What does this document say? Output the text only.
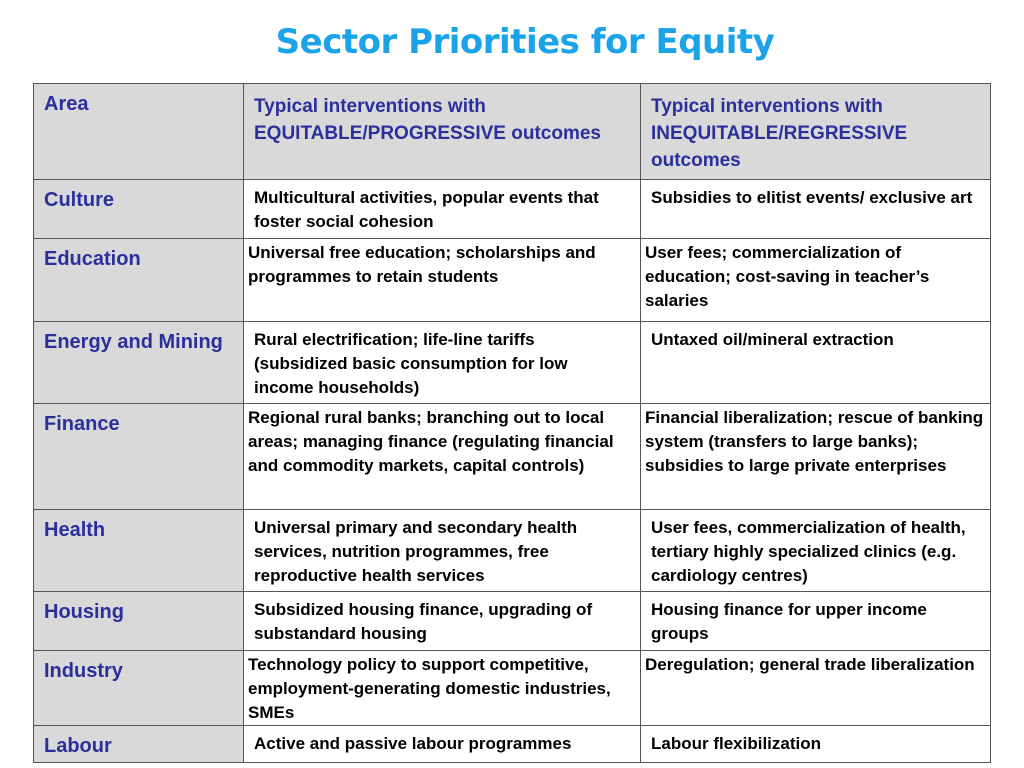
Sector Priorities for Equity
Area	Typical interventions with EQUITABLE/PROGRESSIVE outcomes	Typical interventions with INEQUITABLE/REGRESSIVE outcomes
Culture	Multicultural activities, popular events that foster social cohesion	Subsidies to elitist events/ exclusive art
Education	Universal free education; scholarships and programmes to retain students	User fees; commercialization of education; cost-saving in teacher’s salaries
Energy and Mining	Rural electrification; life-line tariffs (subsidized basic consumption for low income households)	Untaxed oil/mineral extraction
Finance	Regional rural banks; branching out to local areas; managing finance (regulating financial and commodity markets, capital controls)	Financial liberalization; rescue of banking system (transfers to large banks); subsidies to large private enterprises
Health	Universal primary and secondary health services, nutrition programmes, free reproductive health services	User fees, commercialization of health, tertiary highly specialized clinics (e.g. cardiology centres)
Housing	Subsidized housing finance, upgrading of substandard housing	Housing finance for upper income groups
Industry	Technology policy to support competitive, employment-generating domestic industries, SMEs	Deregulation; general trade liberalization
Labour	Active and passive labour programmes	Labour flexibilization
